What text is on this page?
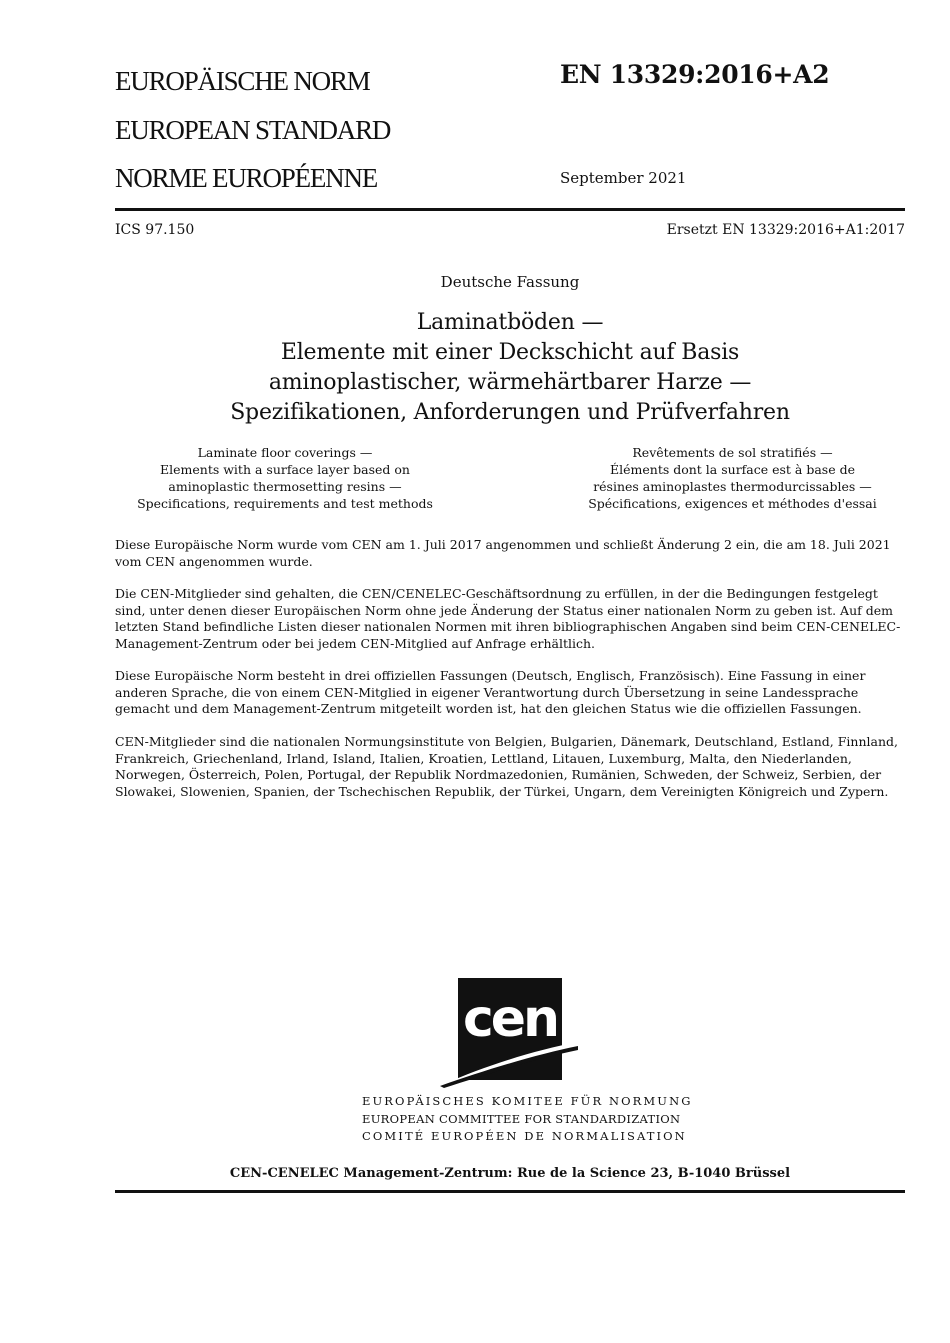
EUROPÄISCHE NORM
EUROPEAN STANDARD
NORME EUROPÉENNE
EN 13329:2016+A2
September 2021
ICS 97.150	Ersetzt EN 13329:2016+A1:2017
Deutsche Fassung
Laminatböden —
Elemente mit einer Deckschicht auf Basis
aminoplastischer, wärmehärtbarer Harze —
Spezifikationen, Anforderungen und Prüfverfahren
Laminate floor coverings —
Elements with a surface layer based on
aminoplastic thermosetting resins —
Specifications, requirements and test methods
Revêtements de sol stratifiés —
Éléments dont la surface est à base de
résines aminoplastes thermodurcissables —
Spécifications, exigences et méthodes d'essai

Diese Europäische Norm wurde vom CEN am 1. Juli 2017 angenommen und schließt Änderung 2 ein, die am 18. Juli 2021 vom CEN angenommen wurde.

Die CEN-Mitglieder sind gehalten, die CEN/CENELEC-Geschäftsordnung zu erfüllen, in der die Bedingungen festgelegt sind, unter denen dieser Europäischen Norm ohne jede Änderung der Status einer nationalen Norm zu geben ist. Auf dem letzten Stand befindliche Listen dieser nationalen Normen mit ihren bibliographischen Angaben sind beim CEN-CENELEC-Management-Zentrum oder bei jedem CEN-Mitglied auf Anfrage erhältlich.

Diese Europäische Norm besteht in drei offiziellen Fassungen (Deutsch, Englisch, Französisch). Eine Fassung in einer anderen Sprache, die von einem CEN-Mitglied in eigener Verantwortung durch Übersetzung in seine Landessprache gemacht und dem Management-Zentrum mitgeteilt worden ist, hat den gleichen Status wie die offiziellen Fassungen.

CEN-Mitglieder sind die nationalen Normungsinstitute von Belgien, Bulgarien, Dänemark, Deutschland, Estland, Finnland, Frankreich, Griechenland, Irland, Island, Italien, Kroatien, Lettland, Litauen, Luxemburg, Malta, den Niederlanden, Norwegen, Österreich, Polen, Portugal, der Republik Nordmazedonien, Rumänien, Schweden, der Schweiz, Serbien, der Slowakei, Slowenien, Spanien, der Tschechischen Republik, der Türkei, Ungarn, dem Vereinigten Königreich und Zypern.

cen
EUROPÄISCHES KOMITEE FÜR NORMUNG
EUROPEAN COMMITTEE FOR STANDARDIZATION
COMITÉ EUROPÉEN DE NORMALISATION
CEN-CENELEC Management-Zentrum: Rue de la Science 23, B-1040 Brüssel
